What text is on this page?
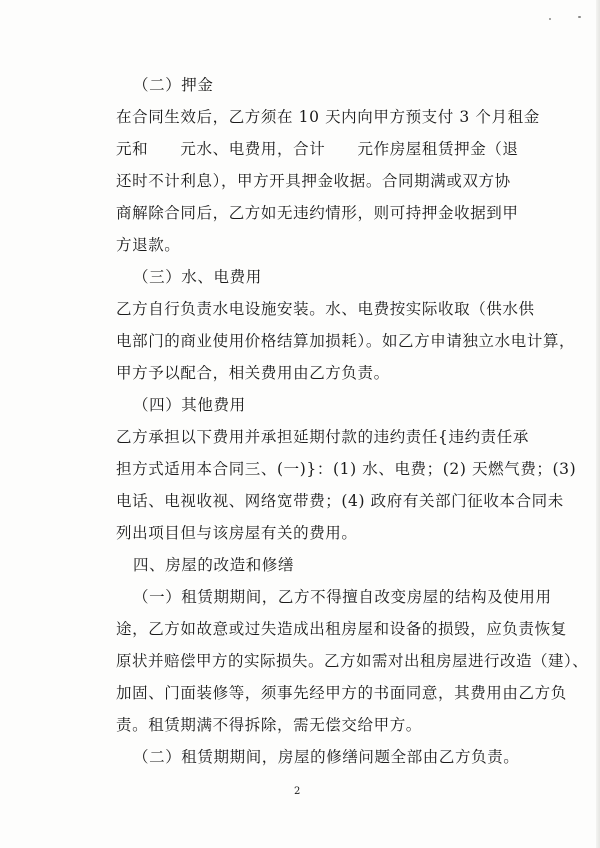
（二）押金
在合同生效后，乙方须在 10 天内向甲方预支付 3 个月租金
元和　　元水、电费用，合计　　元作房屋租赁押金（退
还时不计利息），甲方开具押金收据。合同期满或双方协
商解除合同后，乙方如无违约情形，则可持押金收据到甲
方退款。
（三）水、电费用
乙方自行负责水电设施安装。水、电费按实际收取（供水供
电部门的商业使用价格结算加损耗）。如乙方申请独立水电计算，
甲方予以配合，相关费用由乙方负责。
（四）其他费用
乙方承担以下费用并承担延期付款的违约责任{违约责任承
担方式适用本合同三、(一)}：(1) 水、电费；(2) 天燃气费；(3)
电话、电视收视、网络宽带费；(4) 政府有关部门征收本合同未
列出项目但与该房屋有关的费用。
四、房屋的改造和修缮
（一）租赁期期间，乙方不得擅自改变房屋的结构及使用用
途，乙方如故意或过失造成出租房屋和设备的损毁，应负责恢复
原状并赔偿甲方的实际损失。乙方如需对出租房屋进行改造（建）、
加固、门面装修等，须事先经甲方的书面同意，其费用由乙方负
责。租赁期满不得拆除，需无偿交给甲方。
（二）租赁期期间，房屋的修缮问题全部由乙方负责。
2
